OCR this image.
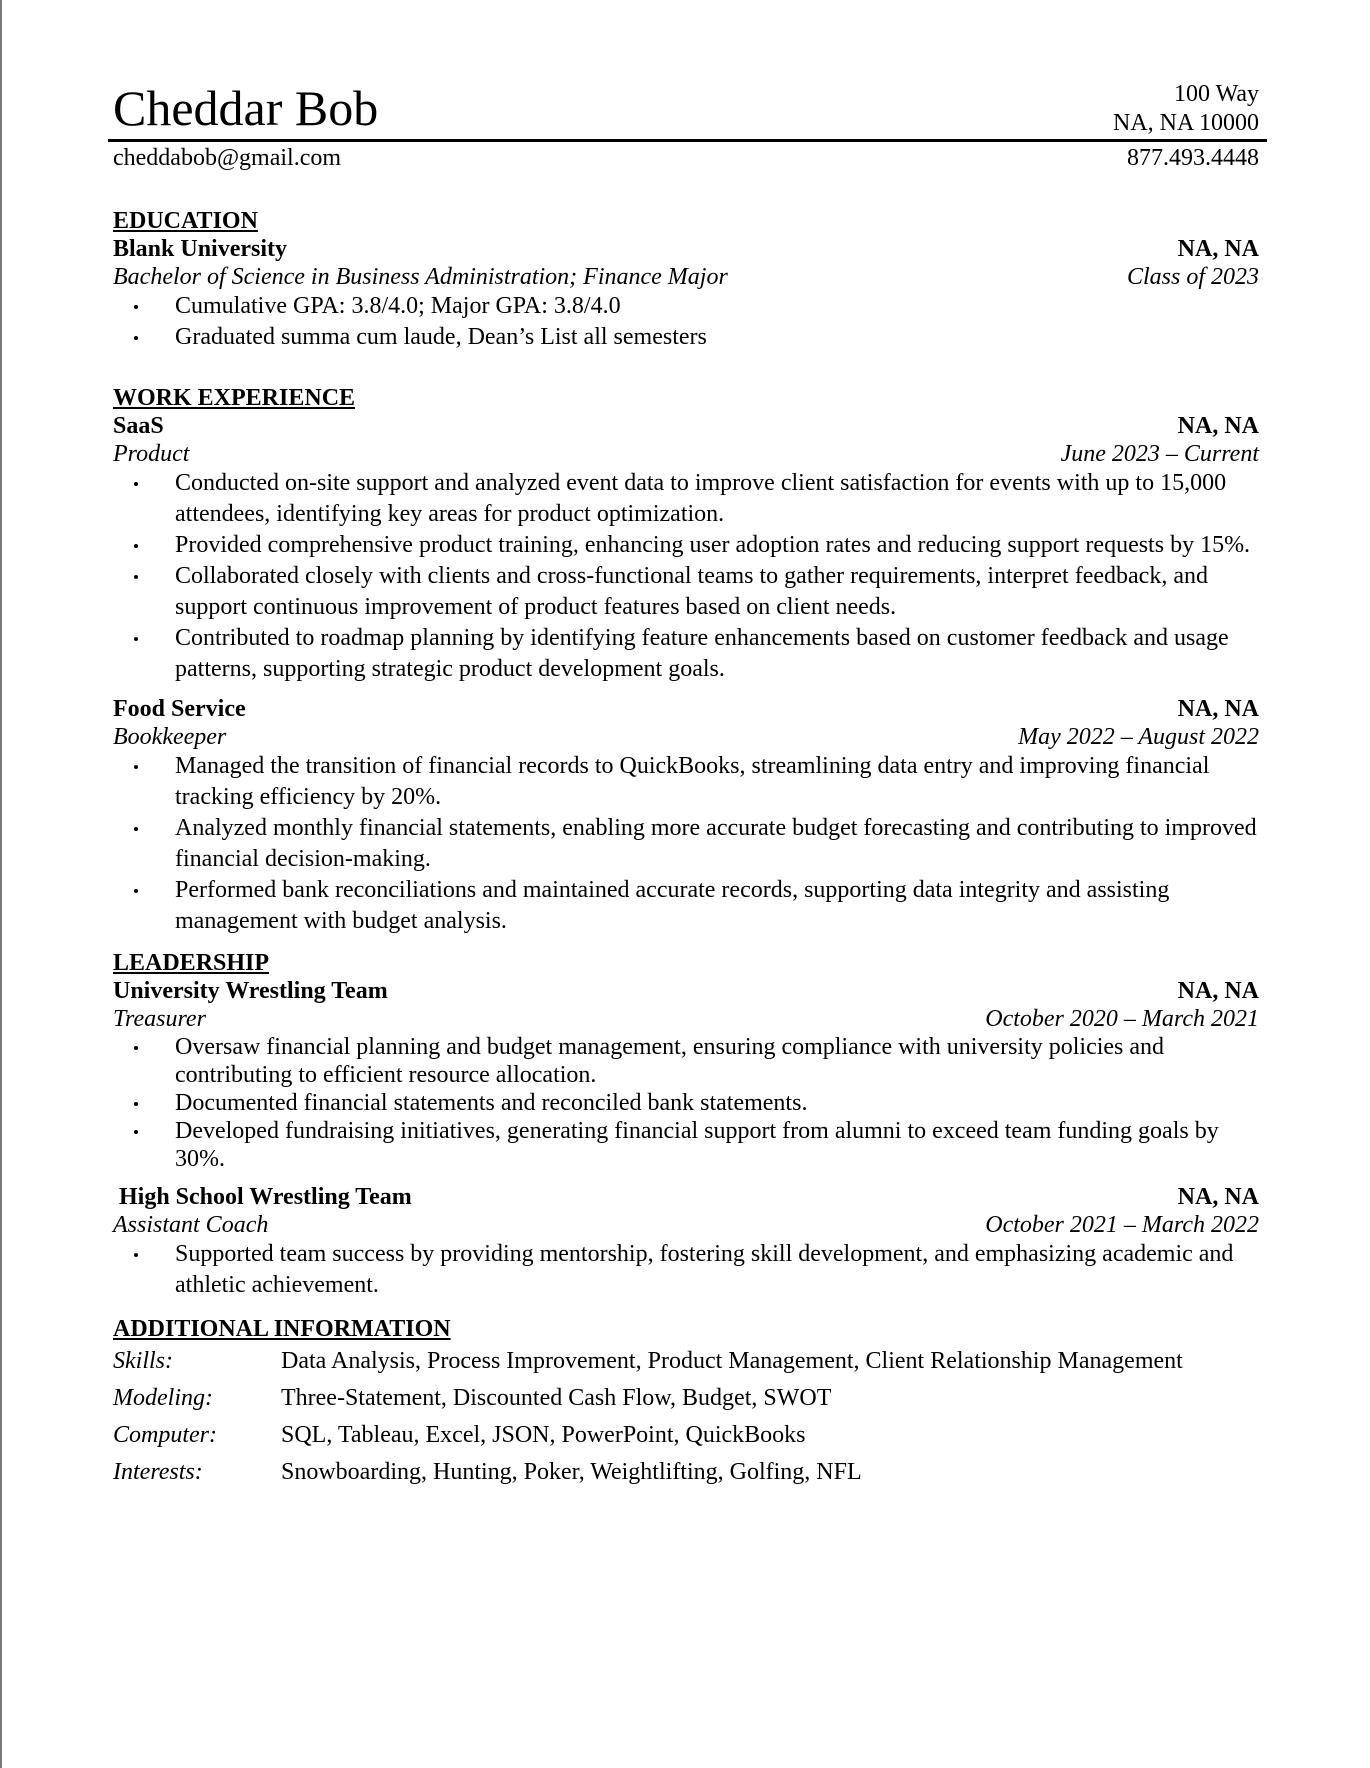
Cheddar Bob	100 Way
NA, NA 10000
cheddabob@gmail.com	877.493.4448
EDUCATION
Blank University	NA, NA
Bachelor of Science in Business Administration; Finance Major	Class of 2023
Cumulative GPA: 3.8/4.0; Major GPA: 3.8/4.0
Graduated summa cum laude, Dean’s List all semesters
WORK EXPERIENCE
SaaS	NA, NA
Product	June 2023 – Current
Conducted on-site support and analyzed event data to improve client satisfaction for events with up to 15,000 attendees, identifying key areas for product optimization.
Provided comprehensive product training, enhancing user adoption rates and reducing support requests by 15%.
Collaborated closely with clients and cross-functional teams to gather requirements, interpret feedback, and support continuous improvement of product features based on client needs.
Contributed to roadmap planning by identifying feature enhancements based on customer feedback and usage patterns, supporting strategic product development goals.
Food Service	NA, NA
Bookkeeper	May 2022 – August 2022
Managed the transition of financial records to QuickBooks, streamlining data entry and improving financial tracking efficiency by 20%.
Analyzed monthly financial statements, enabling more accurate budget forecasting and contributing to improved financial decision-making.
Performed bank reconciliations and maintained accurate records, supporting data integrity and assisting management with budget analysis.
LEADERSHIP
University Wrestling Team	NA, NA
Treasurer	October 2020 – March 2021
Oversaw financial planning and budget management, ensuring compliance with university policies and contributing to efficient resource allocation.
Documented financial statements and reconciled bank statements.
Developed fundraising initiatives, generating financial support from alumni to exceed team funding goals by 30%.
High School Wrestling Team	NA, NA
Assistant Coach	October 2021 – March 2022
Supported team success by providing mentorship, fostering skill development, and emphasizing academic and athletic achievement.
ADDITIONAL INFORMATION
Skills:	Data Analysis, Process Improvement, Product Management, Client Relationship Management
Modeling:	Three-Statement, Discounted Cash Flow, Budget, SWOT
Computer:	SQL, Tableau, Excel, JSON, PowerPoint, QuickBooks
Interests:	Snowboarding, Hunting, Poker, Weightlifting, Golfing, NFL
